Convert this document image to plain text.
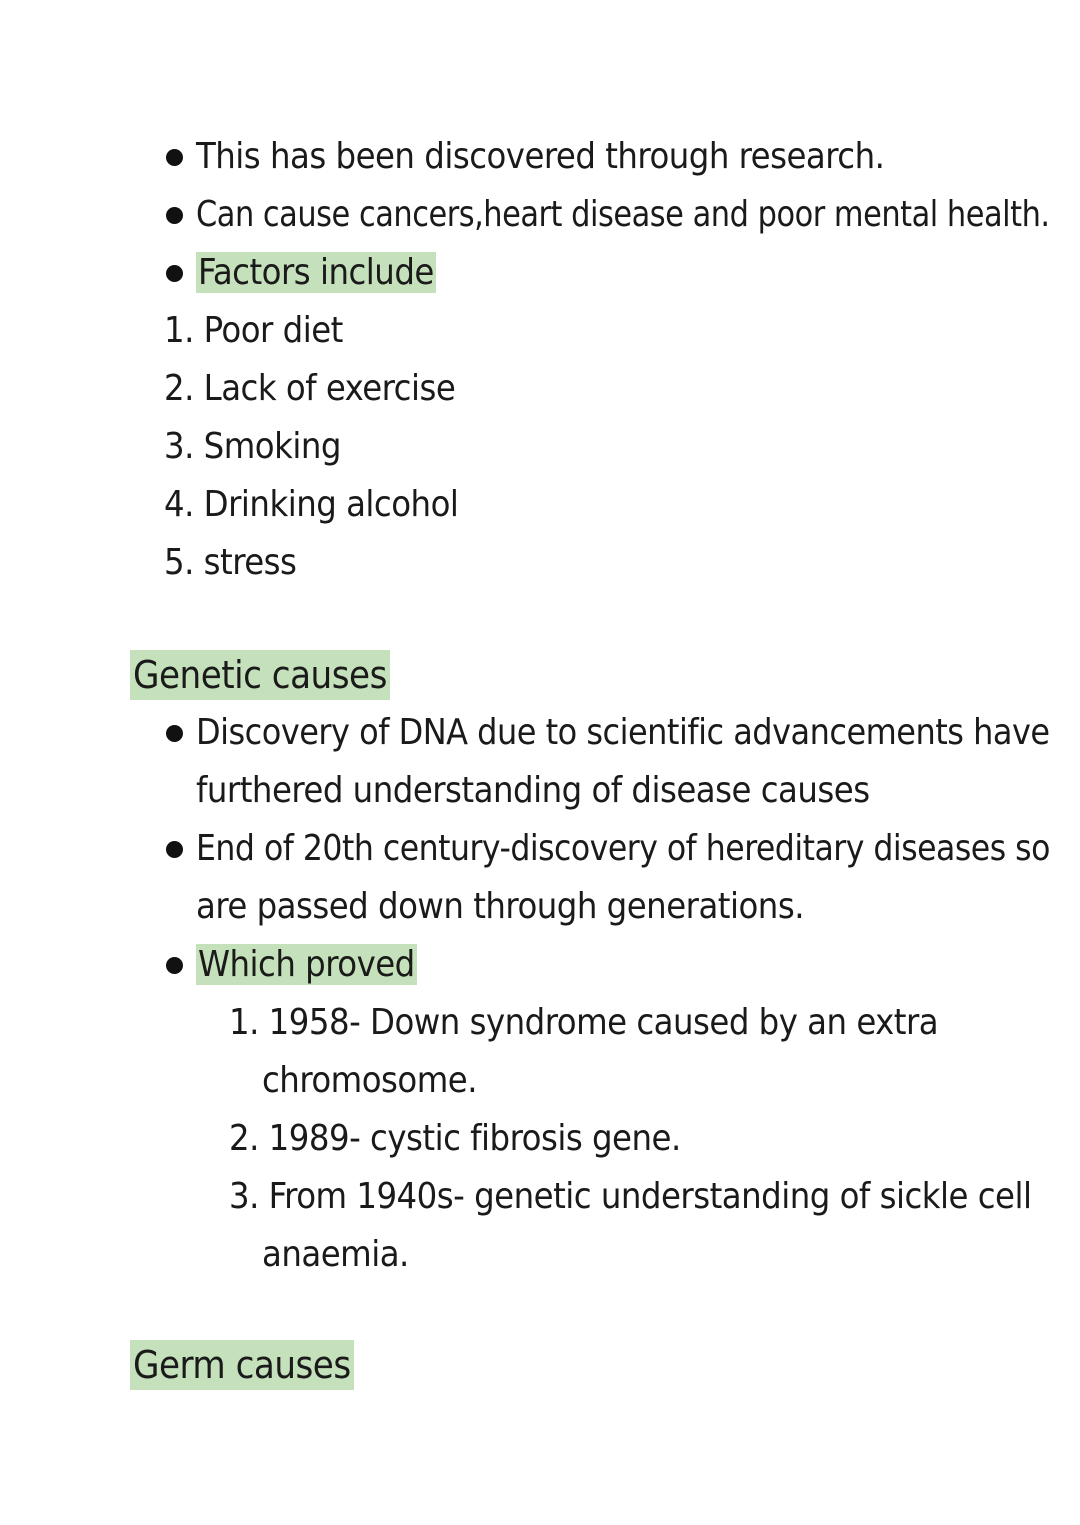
This has been discovered through research.
Can cause cancers,heart disease and poor mental health.
Factors include
1. Poor diet
2. Lack of exercise
3. Smoking
4. Drinking alcohol
5. stress
Genetic causes
Discovery of DNA due to scientific advancements have
furthered understanding of disease causes
End of 20th century-discovery of hereditary diseases so
are passed down through generations.
Which proved
1. 1958- Down syndrome caused by an extra
chromosome.
2. 1989- cystic fibrosis gene.
3. From 1940s- genetic understanding of sickle cell
anaemia.
Germ causes
